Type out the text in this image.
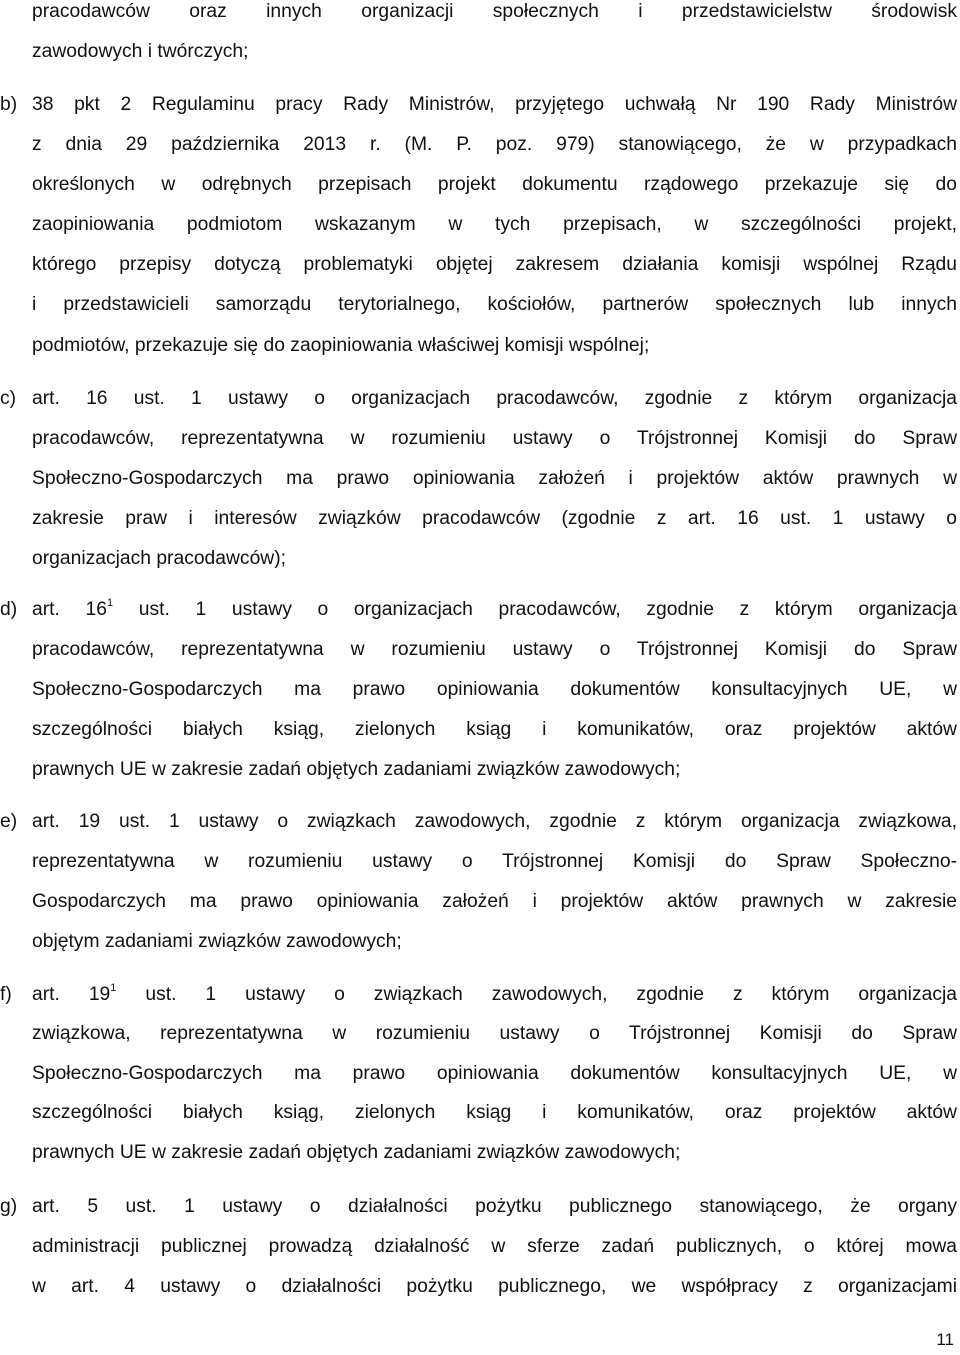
pracodawców oraz innych organizacji społecznych i przedstawicielstw środowisk
zawodowych i twórczych;
b) 38 pkt 2 Regulaminu pracy Rady Ministrów, przyjętego uchwałą Nr 190 Rady Ministrów
z dnia 29 października 2013 r. (M. P. poz. 979) stanowiącego, że w przypadkach
określonych w odrębnych przepisach projekt dokumentu rządowego przekazuje się do
zaopiniowania podmiotom wskazanym w tych przepisach, w szczególności projekt,
którego przepisy dotyczą problematyki objętej zakresem działania komisji wspólnej Rządu
i przedstawicieli samorządu terytorialnego, kościołów, partnerów społecznych lub innych
podmiotów, przekazuje się do zaopiniowania właściwej komisji wspólnej;
c) art. 16 ust. 1 ustawy o organizacjach pracodawców, zgodnie z którym organizacja
pracodawców, reprezentatywna w rozumieniu ustawy o Trójstronnej Komisji do Spraw
Społeczno-Gospodarczych ma prawo opiniowania założeń i projektów aktów prawnych w
zakresie praw i interesów związków pracodawców (zgodnie z art. 16 ust. 1 ustawy o
organizacjach pracodawców);
d) art. $16^1$ ust. 1 ustawy o organizacjach pracodawców, zgodnie z którym organizacja
pracodawców, reprezentatywna w rozumieniu ustawy o Trójstronnej Komisji do Spraw
Społeczno-Gospodarczych ma prawo opiniowania dokumentów konsultacyjnych UE, w
szczególności białych ksiąg, zielonych ksiąg i komunikatów, oraz projektów aktów
prawnych UE w zakresie zadań objętych zadaniami związków zawodowych;
e) art. 19 ust. 1 ustawy o związkach zawodowych, zgodnie z którym organizacja związkowa,
reprezentatywna w rozumieniu ustawy o Trójstronnej Komisji do Spraw Społeczno-
Gospodarczych ma prawo opiniowania założeń i projektów aktów prawnych w zakresie
objętym zadaniami związków zawodowych;
f) art. $19^1$ ust. 1 ustawy o związkach zawodowych, zgodnie z którym organizacja
związkowa, reprezentatywna w rozumieniu ustawy o Trójstronnej Komisji do Spraw
Społeczno-Gospodarczych ma prawo opiniowania dokumentów konsultacyjnych UE, w
szczególności białych ksiąg, zielonych ksiąg i komunikatów, oraz projektów aktów
prawnych UE w zakresie zadań objętych zadaniami związków zawodowych;
g) art. 5 ust. 1 ustawy o działalności pożytku publicznego stanowiącego, że organy
administracji publicznej prowadzą działalność w sferze zadań publicznych, o której mowa
w art. 4 ustawy o działalności pożytku publicznego, we współpracy z organizacjami
11
